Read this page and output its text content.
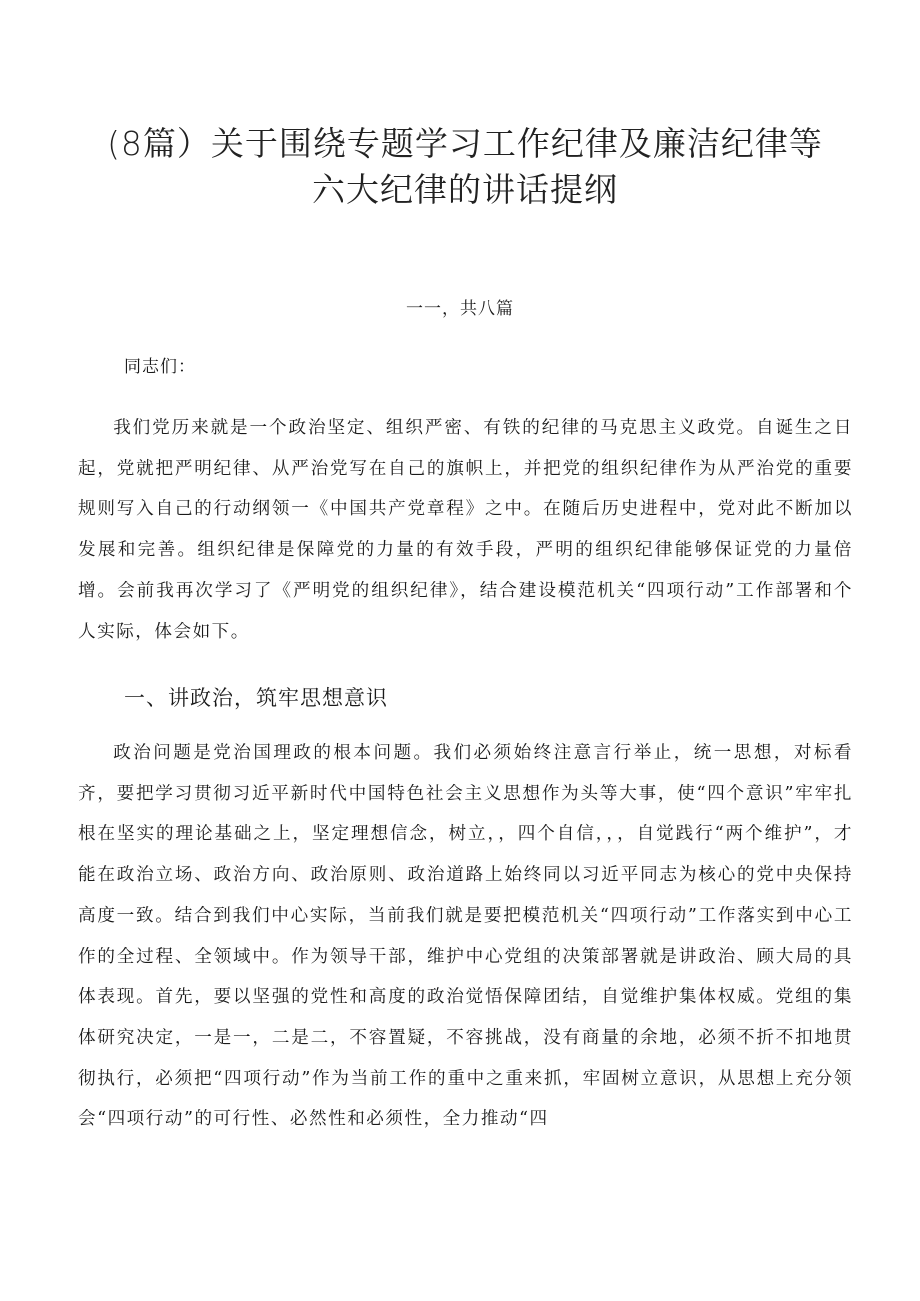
(8篇）关于围绕专题学习工作纪律及廉洁纪律等
六大纪律的讲话提纲
一一，共八篇
同志们：

我们党历来就是一个政治坚定、组织严密、有铁的纪律的马克思主义政党。自诞生之日起，党就把严明纪律、从严治党写在自己的旗帜上，并把党的组织纪律作为从严治党的重要规则写入自己的行动纲领一《中国共产党章程》之中。在随后历史进程中，党对此不断加以发展和完善。组织纪律是保障党的力量的有效手段，严明的组织纪律能够保证党的力量倍增。会前我再次学习了《严明党的组织纪律》，结合建设模范机关“四项行动”工作部署和个人实际，体会如下。

一、讲政治，筑牢思想意识

政治问题是党治国理政的根本问题。我们必须始终注意言行举止，统一思想，对标看齐，要把学习贯彻习近平新时代中国特色社会主义思想作为头等大事，使“四个意识”牢牢扎根在坚实的理论基础之上，坚定理想信念，树立，，四个自信，，，自觉践行“两个维护”，才能在政治立场、政治方向、政治原则、政治道路上始终同以习近平同志为核心的党中央保持高度一致。结合到我们中心实际，当前我们就是要把模范机关“四项行动”工作落实到中心工作的全过程、全领域中。作为领导干部，维护中心党组的决策部署就是讲政治、顾大局的具体表现。首先，要以坚强的党性和高度的政治觉悟保障团结，自觉维护集体权威。党组的集体研究决定，一是一，二是二，不容置疑，不容挑战，没有商量的余地，必须不折不扣地贯彻执行，必须把“四项行动”作为当前工作的重中之重来抓，牢固树立意识，从思想上充分领会“四项行动”的可行性、必然性和必须性，全力推动“四
